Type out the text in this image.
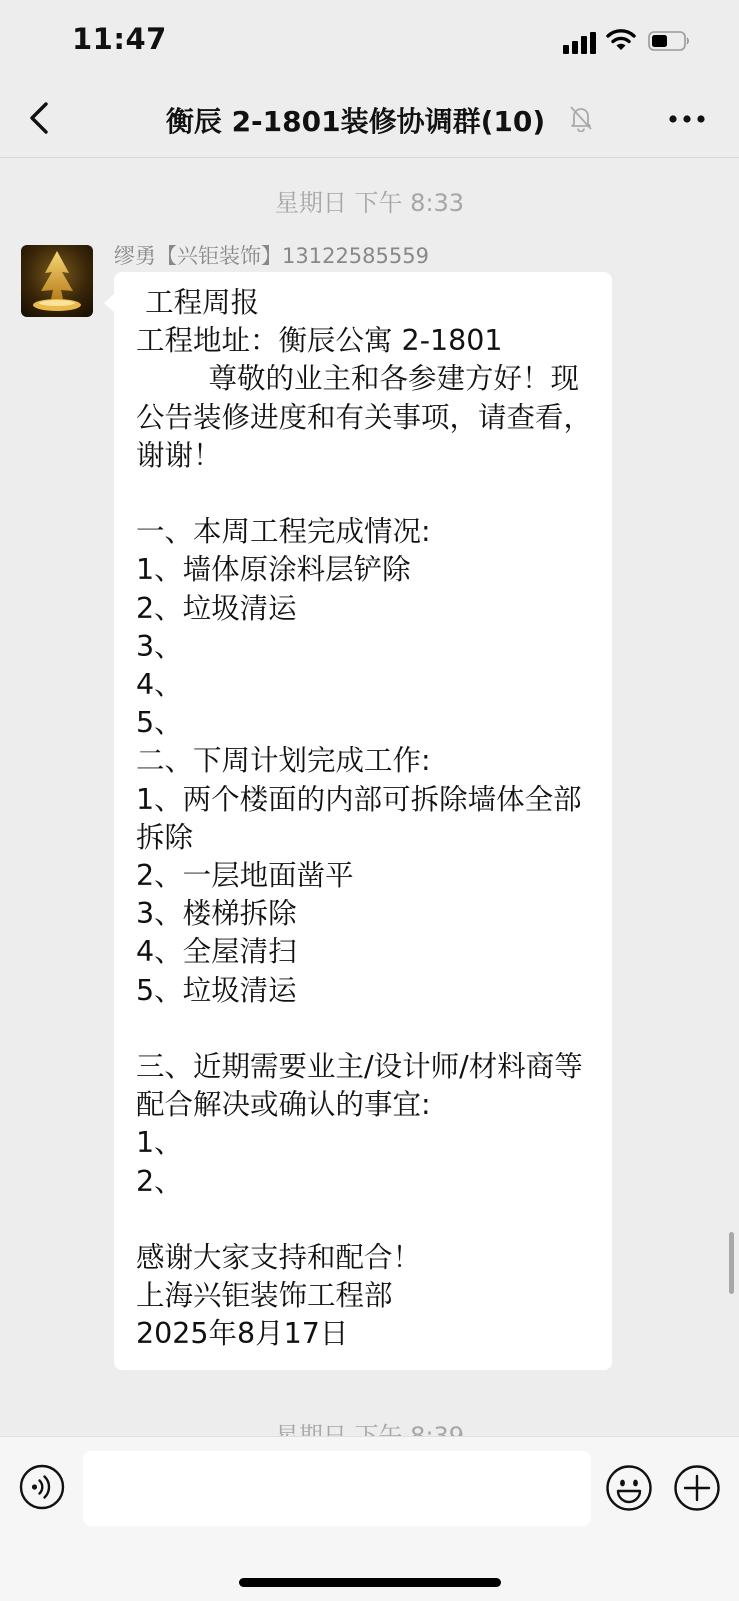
11:47
衡辰 2-1801装修协调群(10)
星期日 下午 8:33
缪勇【兴钜装饰】13122585559
工程周报
工程地址：衡辰公寓 2-1801
尊敬的业主和各参建方好！现公告装修进度和有关事项，请查看，谢谢！

一、本周工程完成情况:
1、墙体原涂料层铲除
2、垃圾清运
3、
4、
5、
二、下周计划完成工作:
1、两个楼面的内部可拆除墙体全部拆除
2、一层地面凿平
3、楼梯拆除
4、全屋清扫
5、垃圾清运

三、近期需要业主/设计师/材料商等配合解决或确认的事宜:
1、
2、

感谢大家支持和配合！
上海兴钜装饰工程部
2025年8月17日
